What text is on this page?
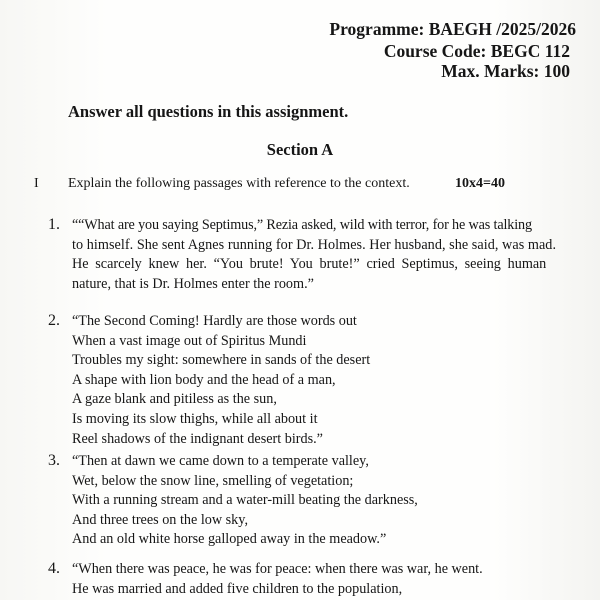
Programme: BAEGH /2025/2026
Course Code: BEGC 112
Max. Marks: 100
Answer all questions in this assignment.
Section A
I Explain the following passages with reference to the context.	10x4=40
1. ““What are you saying Septimus,” Rezia asked, wild with terror, for he was talking
to himself. She sent Agnes running for Dr. Holmes. Her husband, she said, was mad.
He scarcely knew her. “You brute! You brute!” cried Septimus, seeing human
nature, that is Dr. Holmes enter the room.”
2. “The Second Coming! Hardly are those words out
When a vast image out of Spiritus Mundi
Troubles my sight: somewhere in sands of the desert
A shape with lion body and the head of a man,
A gaze blank and pitiless as the sun,
Is moving its slow thighs, while all about it
Reel shadows of the indignant desert birds.”
3. “Then at dawn we came down to a temperate valley,
Wet, below the snow line, smelling of vegetation;
With a running stream and a water-mill beating the darkness,
And three trees on the low sky,
And an old white horse galloped away in the meadow.”
4. “When there was peace, he was for peace: when there was war, he went.
He was married and added five children to the population,
